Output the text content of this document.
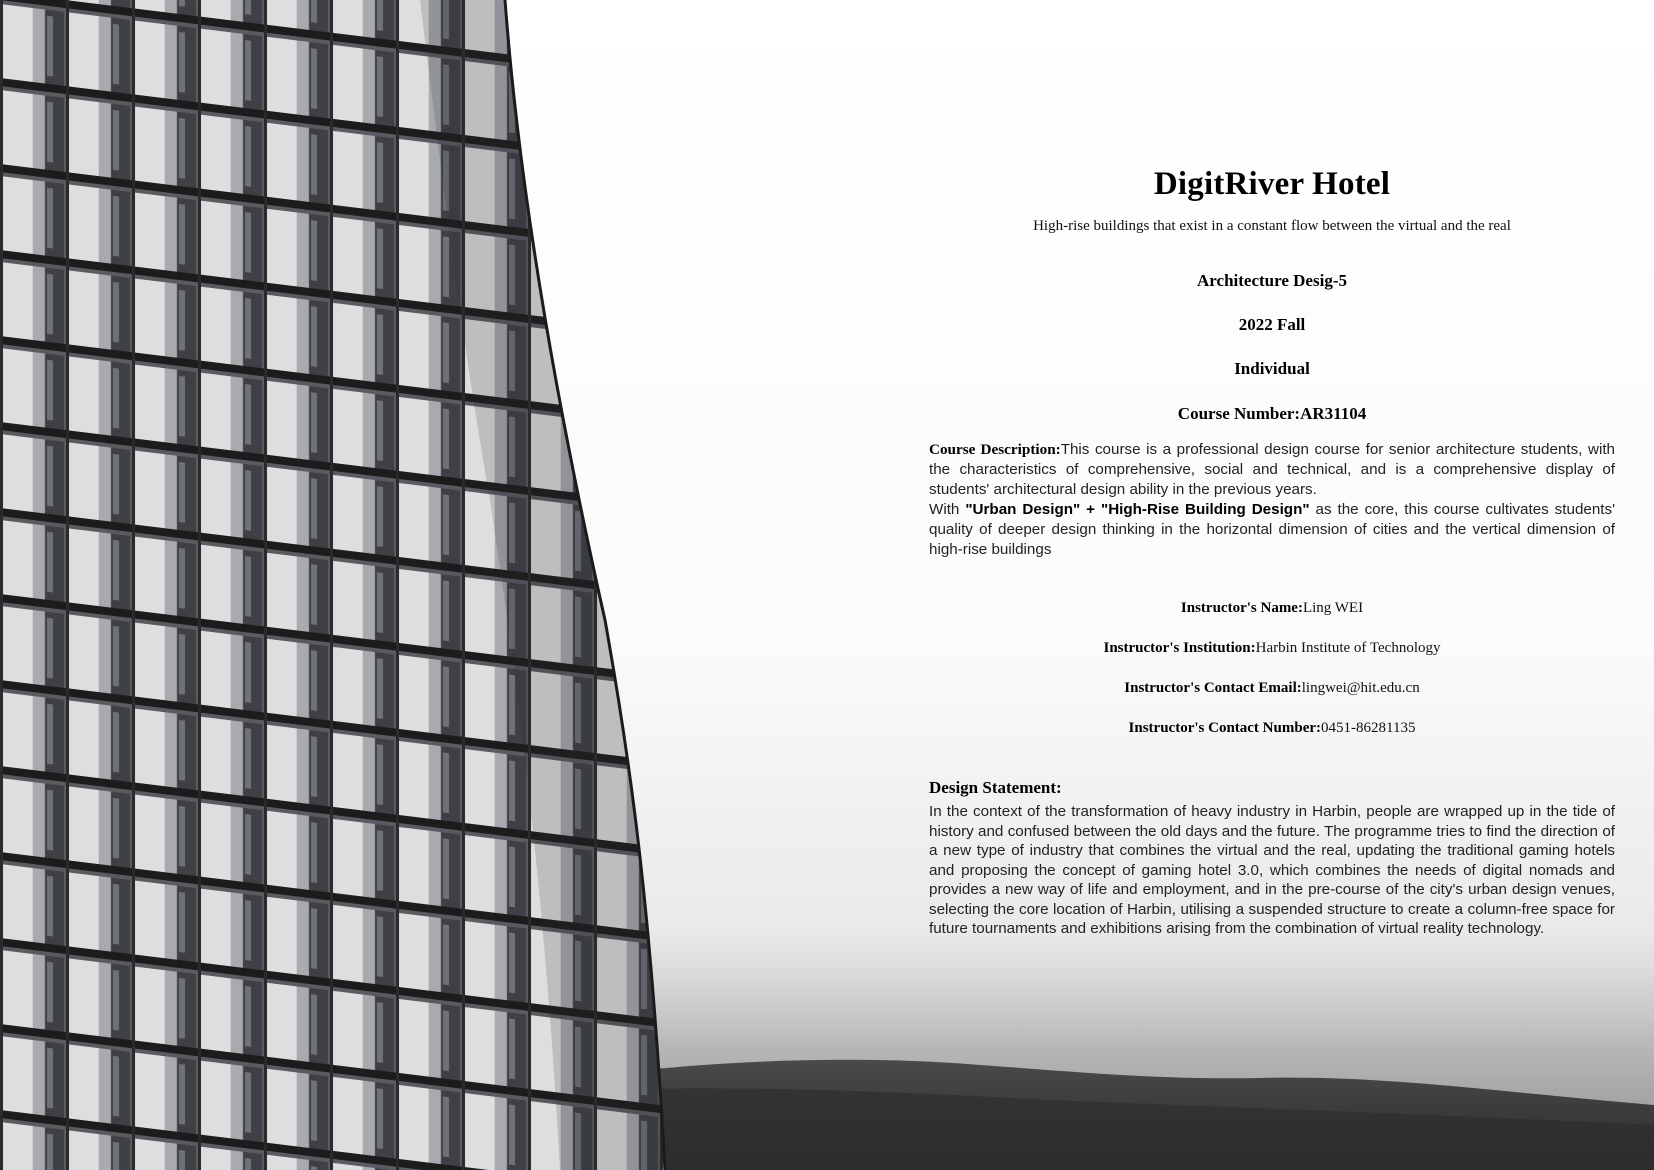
DigitRiver Hotel
High-rise buildings that exist in a constant flow between the virtual and the real
Architecture Desig-5
2022 Fall
Individual
Course Number:AR31104

Course Description:This course is a professional design course for senior architecture students, with the characteristics of comprehensive, social and technical, and is a comprehensive display of students' architectural design ability in the previous years.

With "Urban Design" + "High-Rise Building Design" as the core, this course cultivates students' quality of deeper design thinking in the horizontal dimension of cities and the vertical dimension of high-rise buildings

Instructor's Name:Ling WEI
Instructor's Institution:Harbin Institute of Technology
Instructor's Contact Email:lingwei@hit.edu.cn
Instructor's Contact Number:0451-86281135
Design Statement:

In the context of the transformation of heavy industry in Harbin, people are wrapped up in the tide of history and confused between the old days and the future. The programme tries to find the direction of a new type of industry that combines the virtual and the real, updating the traditional gaming hotels and proposing the concept of gaming hotel 3.0, which combines the needs of digital nomads and provides a new way of life and employment, and in the pre-course of the city's urban design venues, selecting the core location of Harbin, utilising a suspended structure to create a column-free space for future tournaments and exhibitions arising from the combination of virtual reality technology.
